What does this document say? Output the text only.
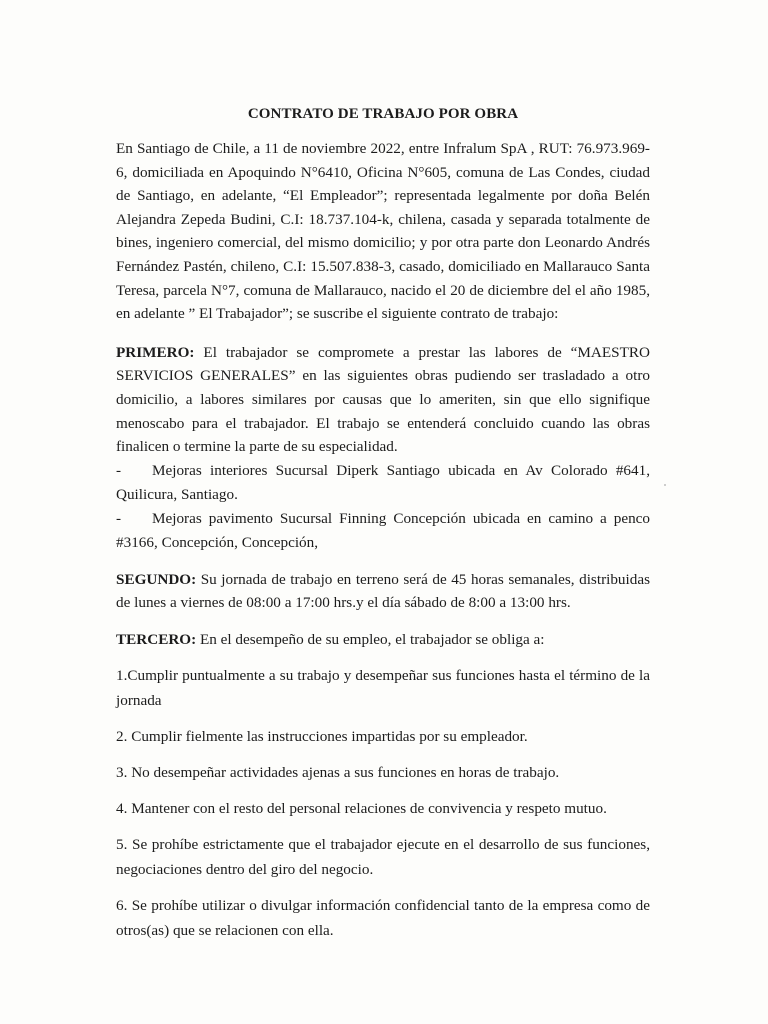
CONTRATO DE TRABAJO POR OBRA

En Santiago de Chile, a 11 de noviembre 2022, entre Infralum SpA , RUT: 76.973.969-6, domiciliada en Apoquindo N°6410, Oficina N°605, comuna de Las Condes, ciudad de Santiago, en adelante, “El Empleador”; representada legalmente por doña Belén Alejandra Zepeda Budini, C.I: 18.737.104-k, chilena, casada y separada totalmente de bines, ingeniero comercial, del mismo domicilio; y por otra parte don Leonardo Andrés Fernández Pastén, chileno, C.I: 15.507.838-3, casado, domiciliado en Mallarauco Santa Teresa, parcela N°7, comuna de Mallarauco, nacido el 20 de diciembre del el año 1985, en adelante ” El Trabajador”; se suscribe el siguiente contrato de trabajo:

PRIMERO: El trabajador se compromete a prestar las labores de “MAESTRO SERVICIOS GENERALES” en las siguientes obras pudiendo ser trasladado a otro domicilio, a labores similares por causas que lo ameriten, sin que ello signifique menoscabo para el trabajador. El trabajo se entenderá concluido cuando las obras finalicen o termine la parte de su especialidad.

- Mejoras interiores Sucursal Diperk Santiago ubicada en Av Colorado #641, Quilicura, Santiago.

- Mejoras pavimento Sucursal Finning Concepción ubicada en camino a penco #3166, Concepción, Concepción,

SEGUNDO: Su jornada de trabajo en terreno será de 45 horas semanales, distribuidas de lunes a viernes de 08:00 a 17:00 hrs.y el día sábado de 8:00 a 13:00 hrs.

TERCERO: En el desempeño de su empleo, el trabajador se obliga a:

1.Cumplir puntualmente a su trabajo y desempeñar sus funciones hasta el término de la jornada

2. Cumplir fielmente las instrucciones impartidas por su empleador.

3. No desempeñar actividades ajenas a sus funciones en horas de trabajo.

4. Mantener con el resto del personal relaciones de convivencia y respeto mutuo.

5. Se prohíbe estrictamente que el trabajador ejecute en el desarrollo de sus funciones, negociaciones dentro del giro del negocio.

6. Se prohíbe utilizar o divulgar información confidencial tanto de la empresa como de otros(as) que se relacionen con ella.
